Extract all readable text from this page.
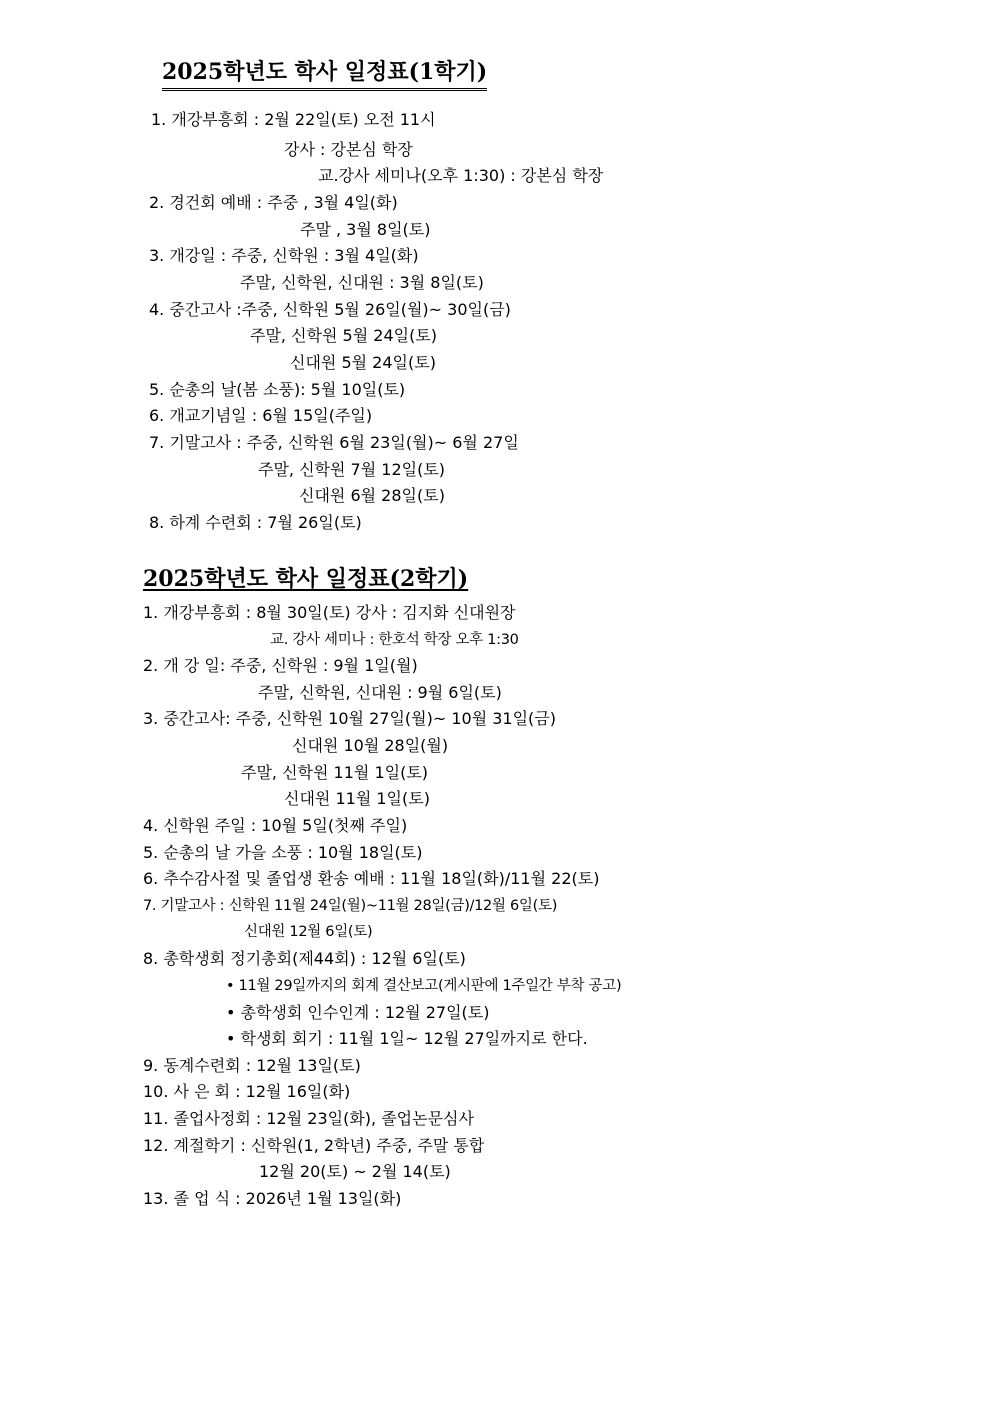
2025학년도 학사 일정표(1학기)

1. 개강부흥회 : 2월 22일(토) 오전 11시

강사 : 강본심 학장

교.강사 세미나(오후 1:30) : 강본심 학장

2. 경건회 예배 : 주중 , 3월 4일(화)

주말 , 3월 8일(토)

3. 개강일 : 주중, 신학원 : 3월 4일(화)

주말, 신학원, 신대원 : 3월 8일(토)

4. 중간고사 :주중, 신학원 5월 26일(월)~ 30일(금)

주말, 신학원 5월 24일(토)

신대원 5월 24일(토)

5. 순총의 날(봄 소풍): 5월 10일(토)

6. 개교기념일 : 6월 15일(주일)

7. 기말고사 : 주중, 신학원 6월 23일(월)~ 6월 27일

주말, 신학원 7월 12일(토)

신대원 6월 28일(토)

8. 하계 수련회 : 7월 26일(토)

2025학년도 학사 일정표(2학기)

1. 개강부흥회 : 8월 30일(토) 강사 : 김지화 신대원장

교. 강사 세미나 : 한호석 학장 오후 1:30

2. 개 강 일: 주중, 신학원 : 9월 1일(월)

주말, 신학원, 신대원 : 9월 6일(토)

3. 중간고사: 주중, 신학원 10월 27일(월)~ 10월 31일(금)

신대원 10월 28일(월)

주말, 신학원 11월 1일(토)

신대원 11월 1일(토)

4. 신학원 주일 : 10월 5일(첫째 주일)

5. 순총의 날 가을 소풍 : 10월 18일(토)

6. 추수감사절 및 졸업생 환송 예배 : 11월 18일(화)/11월 22(토)

7. 기말고사 : 신학원 11월 24일(월)~11월 28일(금)/12월 6일(토)

신대원 12월 6일(토)

8. 총학생회 정기총회(제44회) : 12월 6일(토)

• 11월 29일까지의 회계 결산보고(게시판에 1주일간 부착 공고)

• 총학생회 인수인계 : 12월 27일(토)

• 학생회 회기 : 11월 1일~ 12월 27일까지로 한다.

9. 동계수련회 : 12월 13일(토)

10. 사 은 회 : 12월 16일(화)

11. 졸업사정회 : 12월 23일(화), 졸업논문심사

12. 계절학기 : 신학원(1, 2학년) 주중, 주말 통합

12월 20(토) ~ 2월 14(토)

13. 졸 업 식 : 2026년 1월 13일(화)
